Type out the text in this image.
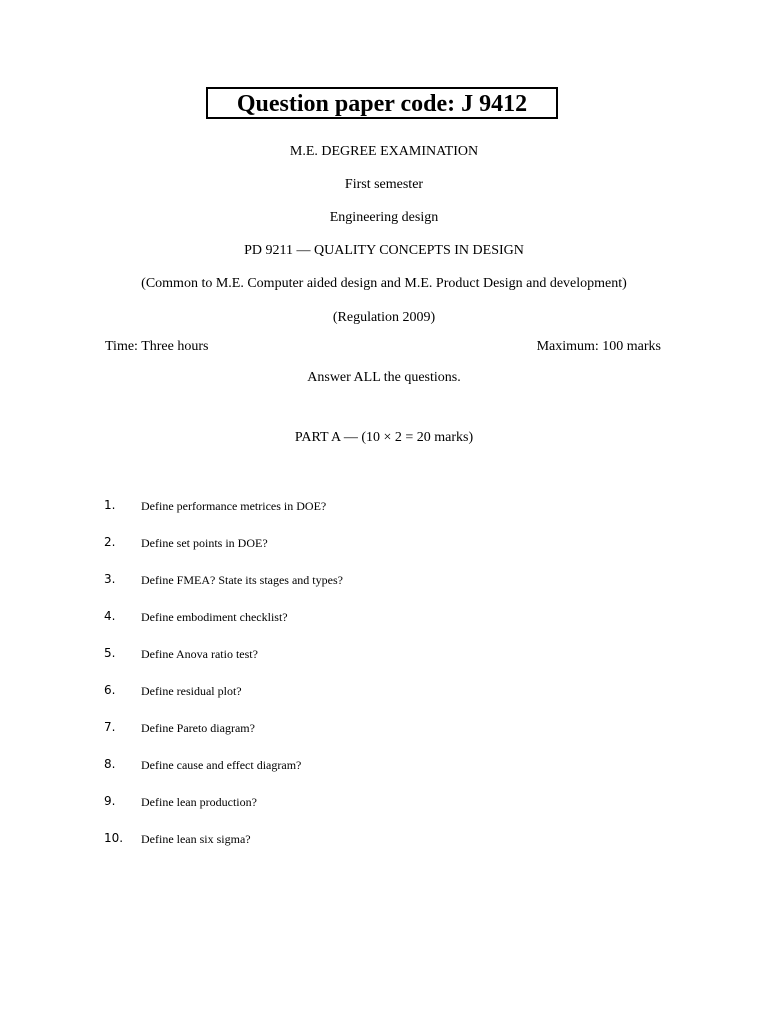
Question paper code: J 9412
M.E. DEGREE EXAMINATION
First semester
Engineering design
PD 9211 — QUALITY CONCEPTS IN DESIGN
(Common to M.E. Computer aided design and M.E. Product Design and development)
(Regulation 2009)
Time: Three hours	Maximum: 100 marks
Answer ALL the questions.
PART A — (10 × 2 = 20 marks)
1. Define performance metrices in DOE?
2. Define set points in DOE?
3. Define FMEA? State its stages and types?
4. Define embodiment checklist?
5. Define Anova ratio test?
6. Define residual plot?
7. Define Pareto diagram?
8. Define cause and effect diagram?
9. Define lean production?
10. Define lean six sigma?
